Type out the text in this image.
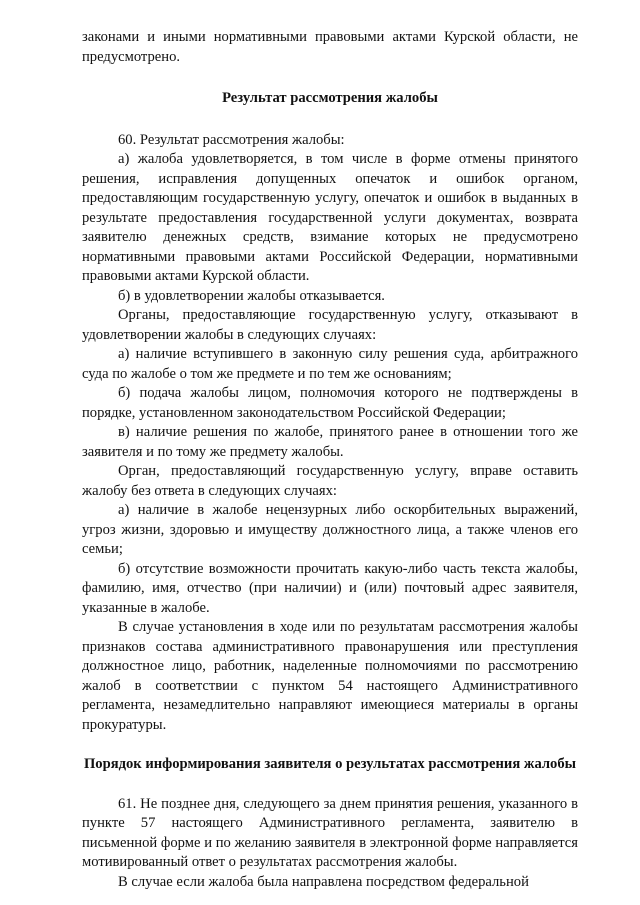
законами и иными нормативными правовыми актами Курской области, не предусмотрено.

Результат рассмотрения жалобы

60. Результат рассмотрения жалобы:

а) жалоба удовлетворяется, в том числе в форме отмены принятого решения, исправления допущенных опечаток и ошибок органом, предоставляющим государственную услугу, опечаток и ошибок в выданных в результате предоставления государственной услуги документах, возврата заявителю денежных средств, взимание которых не предусмотрено нормативными правовыми актами Российской Федерации, нормативными правовыми актами Курской области.

б) в удовлетворении жалобы отказывается.

Органы, предоставляющие государственную услугу, отказывают в удовлетворении жалобы в следующих случаях:

а) наличие вступившего в законную силу решения суда, арбитражного суда по жалобе о том же предмете и по тем же основаниям;

б) подача жалобы лицом, полномочия которого не подтверждены в порядке, установленном законодательством Российской Федерации;

в) наличие решения по жалобе, принятого ранее в отношении того же заявителя и по тому же предмету жалобы.

Орган, предоставляющий государственную услугу, вправе оставить жалобу без ответа в следующих случаях:

а) наличие в жалобе нецензурных либо оскорбительных выражений, угроз жизни, здоровью и имуществу должностного лица, а также членов его семьи;

б) отсутствие возможности прочитать какую-либо часть текста жалобы, фамилию, имя, отчество (при наличии) и (или) почтовый адрес заявителя, указанные в жалобе.

В случае установления в ходе или по результатам рассмотрения жалобы признаков состава административного правонарушения или преступления должностное лицо, работник, наделенные полномочиями по рассмотрению жалоб в соответствии с пунктом 54 настоящего Административного регламента, незамедлительно направляют имеющиеся материалы в органы прокуратуры.

Порядок информирования заявителя о результатах рассмотрения жалобы

61. Не позднее дня, следующего за днем принятия решения, указанного в пункте 57 настоящего Административного регламента, заявителю в письменной форме и по желанию заявителя в электронной форме направляется мотивированный ответ о результатах рассмотрения жалобы.

В случае если жалоба была направлена посредством федеральной
